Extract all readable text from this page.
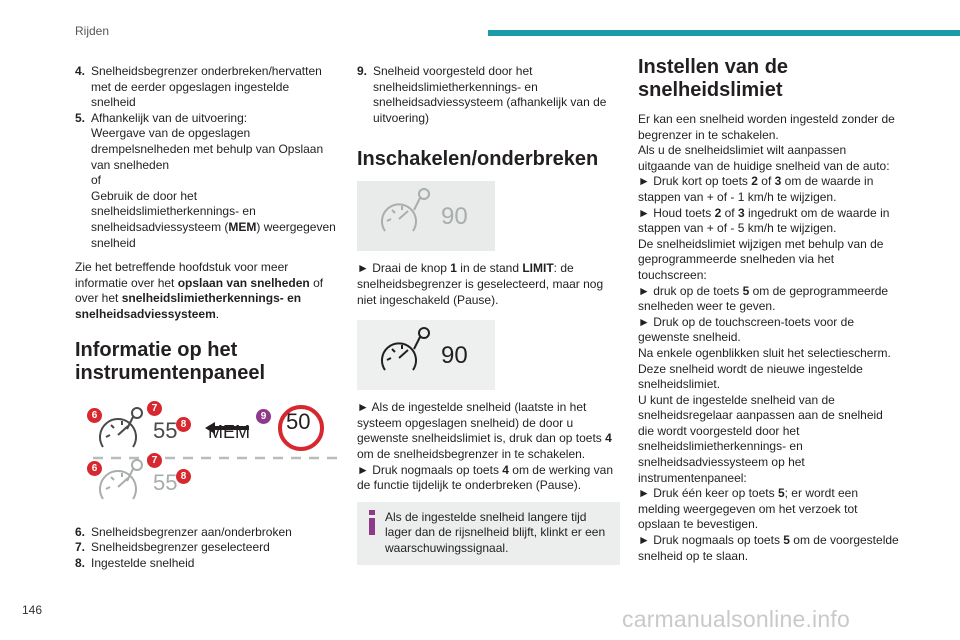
Rijden
4. Snelheidsbegrenzer onderbreken/hervatten met de eerder opgeslagen ingestelde snelheid
5. Afhankelijk van de uitvoering:
Weergave van de opgeslagen drempelsnelheden met behulp van Opslaan van snelheden
of
Gebruik de door het snelheidslimietherkennings- en snelheidsadviessysteem (MEM) weergegeven snelheid
Zie het betreffende hoofdstuk voor meer informatie over het opslaan van snelheden of over het snelheidslimietherkennings- en snelheidsadviessysteem.
Informatie op het instrumentenpaneel
6
7
8
9
55 MEM 50
6
7
8
55
6. Snelheidsbegrenzer aan/onderbroken
7. Snelheidsbegrenzer geselecteerd
8. Ingestelde snelheid
9. Snelheid voorgesteld door het snelheidslimietherkennings- en snelheidsadviessysteem (afhankelijk van de uitvoering)
Inschakelen/onderbreken
90
► Draai de knop 1 in de stand LIMIT: de snelheidsbegrenzer is geselecteerd, maar nog niet ingeschakeld (Pause).
90
► Als de ingestelde snelheid (laatste in het systeem opgeslagen snelheid) de door u gewenste snelheidslimiet is, druk dan op toets 4 om de snelheidsbegrenzer in te schakelen.
► Druk nogmaals op toets 4 om de werking van de functie tijdelijk te onderbreken (Pause).
Als de ingestelde snelheid langere tijd lager dan de rijsnelheid blijft, klinkt er een waarschuwingssignaal.
Instellen van de snelheidslimiet
Er kan een snelheid worden ingesteld zonder de begrenzer in te schakelen.
Als u de snelheidslimiet wilt aanpassen uitgaande van de huidige snelheid van de auto:
► Druk kort op toets 2 of 3 om de waarde in stappen van + of - 1 km/h te wijzigen.
► Houd toets 2 of 3 ingedrukt om de waarde in stappen van + of - 5 km/h te wijzigen.
De snelheidslimiet wijzigen met behulp van de geprogrammeerde snelheden via het touchscreen:
► druk op de toets 5 om de geprogrammeerde snelheden weer te geven.
► Druk op de touchscreen-toets voor de gewenste snelheid.
Na enkele ogenblikken sluit het selectiescherm. Deze snelheid wordt de nieuwe ingestelde snelheidslimiet.
U kunt de ingestelde snelheid van de snelheidsregelaar aanpassen aan de snelheid die wordt voorgesteld door het snelheidslimietherkennings- en snelheidsadviessysteem op het instrumentenpaneel:
► Druk één keer op toets 5; er wordt een melding weergegeven om het verzoek tot opslaan te bevestigen.
► Druk nogmaals op toets 5 om de voorgestelde snelheid op te slaan.
146	carmanualsonline.info
